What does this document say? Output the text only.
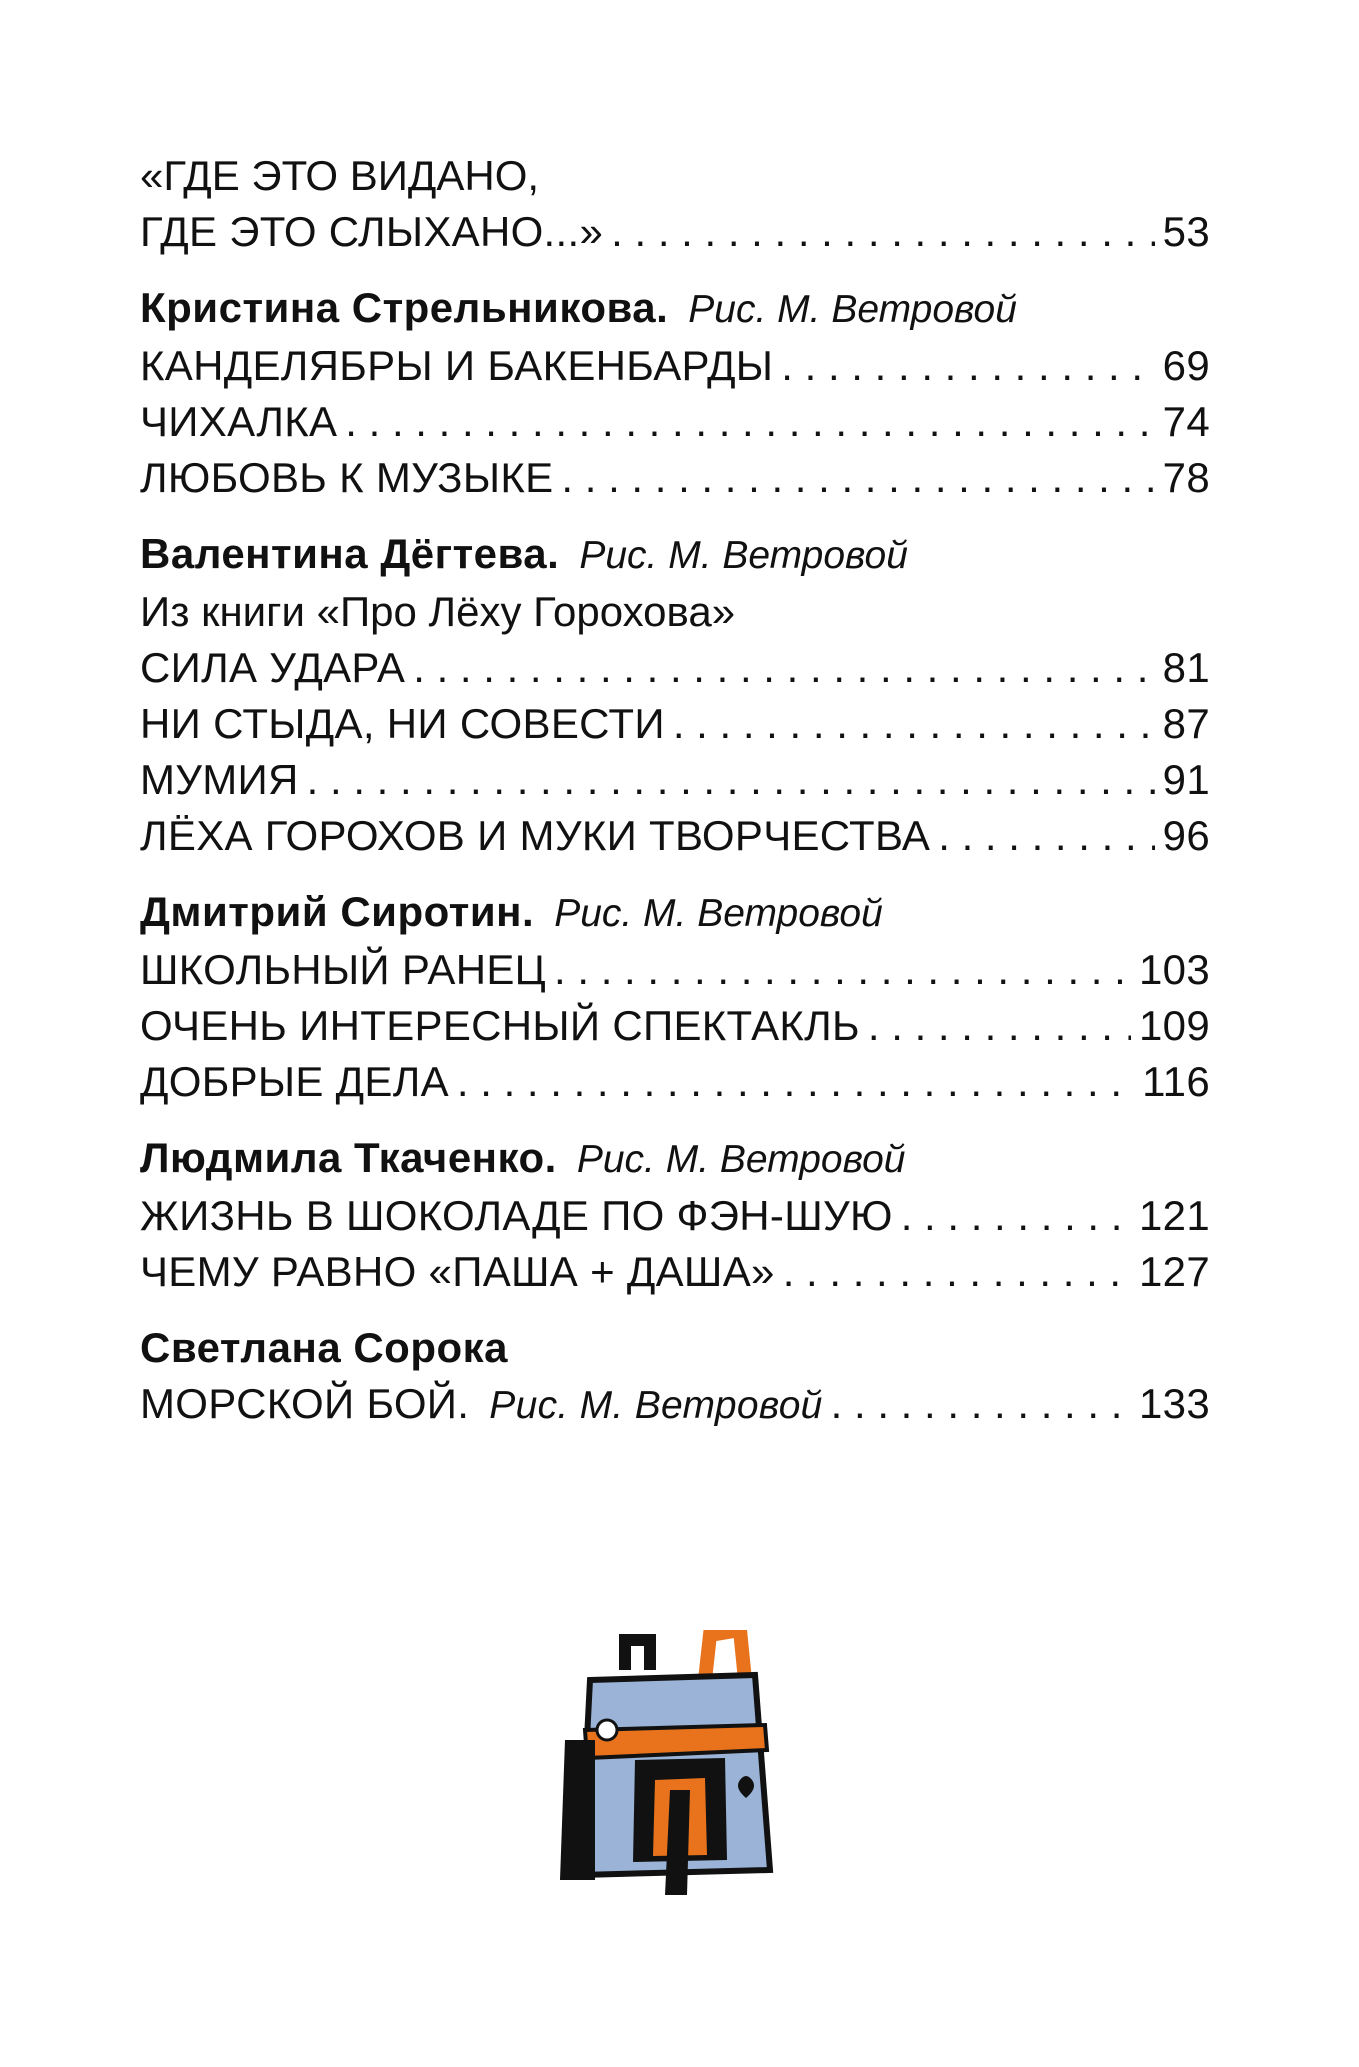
«ГДЕ ЭТО ВИДАНО,
ГДЕ ЭТО СЛЫХАНО...» . . .	53
Кристина Стрельникова. Рис. М. Ветровой
КАНДЕЛЯБРЫ И БАКЕНБАРДЫ . . .	69
ЧИХАЛКА . . .	74
ЛЮБОВЬ К МУЗЫКЕ . . .	78
Валентина Дёгтева. Рис. М. Ветровой
Из книги «Про Лёху Горохова»
СИЛА УДАРА . . .	81
НИ СТЫДА, НИ СОВЕСТИ . . .	87
МУМИЯ . . .	91
ЛЁХА ГОРОХОВ И МУКИ ТВОРЧЕСТВА . . .	96
Дмитрий Сиротин. Рис. М. Ветровой
ШКОЛЬНЫЙ РАНЕЦ . . .	103
ОЧЕНЬ ИНТЕРЕСНЫЙ СПЕКТАКЛЬ . . .	109
ДОБРЫЕ ДЕЛА . . .	116
Людмила Ткаченко. Рис. М. Ветровой
ЖИЗНЬ В ШОКОЛАДЕ ПО ФЭН-ШУЮ . . .	121
ЧЕМУ РАВНО «ПАША + ДАША» . . .	127
Светлана Сорока
МОРСКОЙ БОЙ. Рис. М. Ветровой . . .	133
